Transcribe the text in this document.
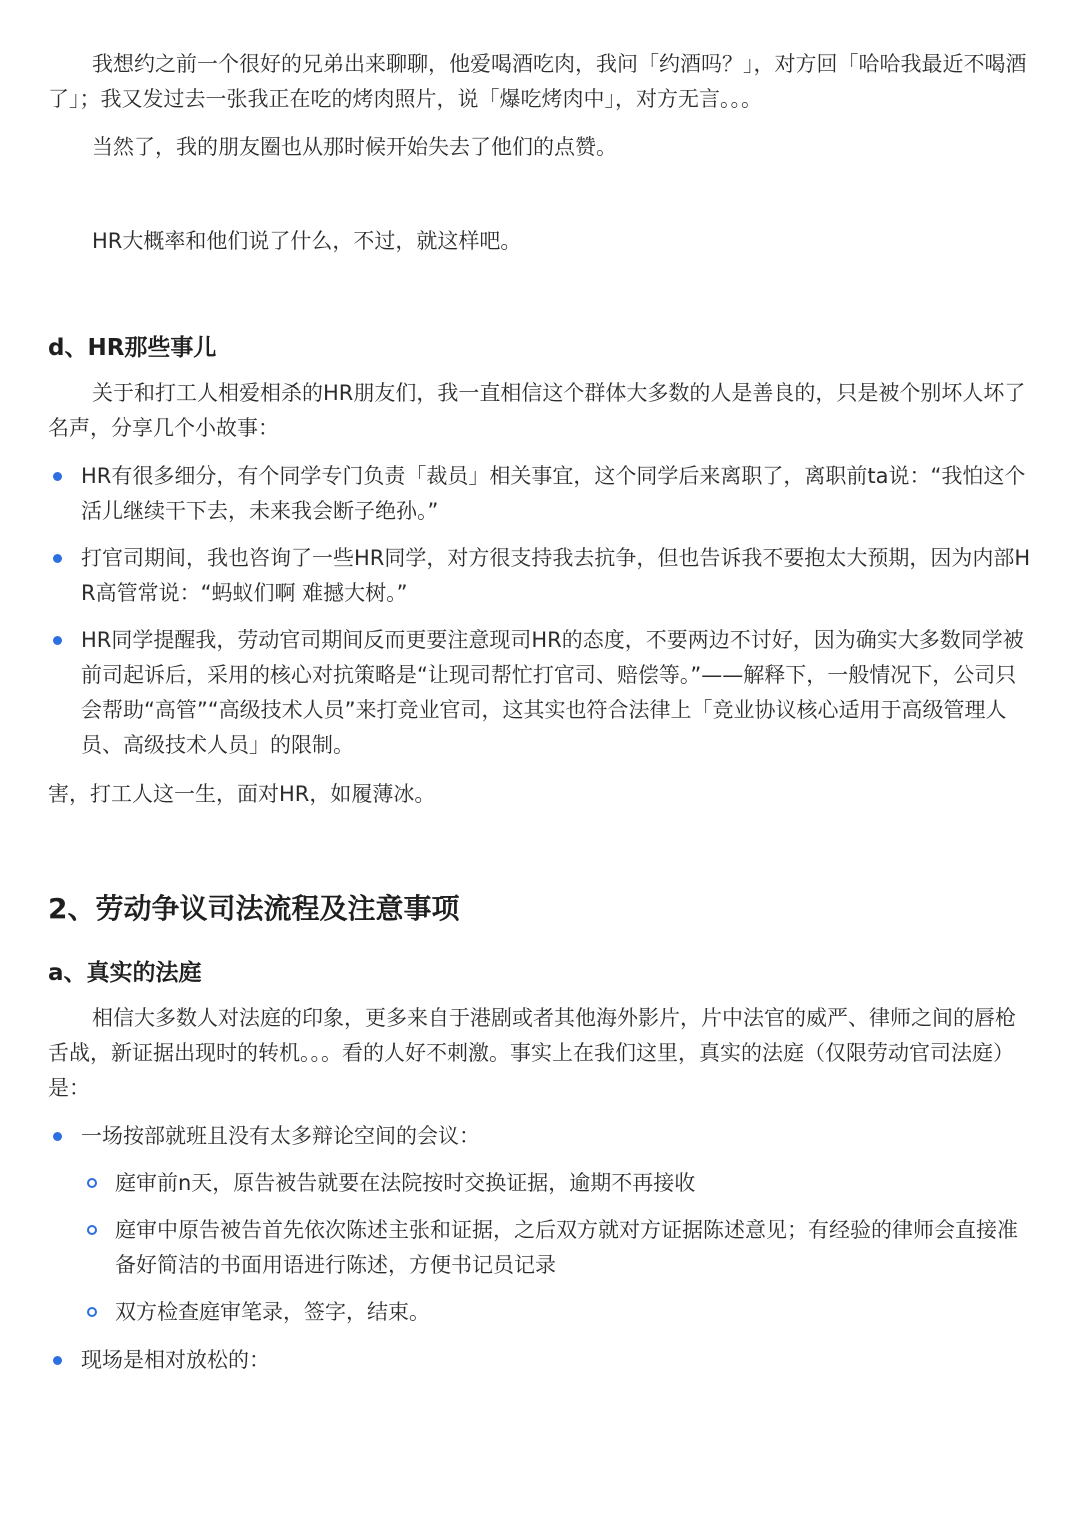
我想约之前一个很好的兄弟出来聊聊，他爱喝酒吃肉，我问「约酒吗？」，对方回「哈哈我最近不喝酒了」；我又发过去一张我正在吃的烤肉照片，说「爆吃烤肉中」，对方无言。。。

当然了，我的朋友圈也从那时候开始失去了他们的点赞。

HR大概率和他们说了什么，不过，就这样吧。

d、HR那些事儿

关于和打工人相爱相杀的HR朋友们，我一直相信这个群体大多数的人是善良的，只是被个别坏人坏了名声，分享几个小故事：

HR有很多细分，有个同学专门负责「裁员」相关事宜，这个同学后来离职了，离职前ta说：“我怕这个活儿继续干下去，未来我会断子绝孙。”
打官司期间，我也咨询了一些HR同学，对方很支持我去抗争，但也告诉我不要抱太大预期，因为内部HR高管常说：“蚂蚁们啊 难撼大树。”
HR同学提醒我，劳动官司期间反而更要注意现司HR的态度，不要两边不讨好，因为确实大多数同学被前司起诉后，采用的核心对抗策略是“让现司帮忙打官司、赔偿等。”——解释下，一般情况下，公司只会帮助“高管”“高级技术人员”来打竞业官司，这其实也符合法律上「竞业协议核心适用于高级管理人员、高级技术人员」的限制。

害，打工人这一生，面对HR，如履薄冰。

2、劳动争议司法流程及注意事项
a、真实的法庭

相信大多数人对法庭的印象，更多来自于港剧或者其他海外影片，片中法官的威严、律师之间的唇枪舌战，新证据出现时的转机。。。看的人好不刺激。事实上在我们这里，真实的法庭（仅限劳动官司法庭）是：

一场按部就班且没有太多辩论空间的会议：
庭审前n天，原告被告就要在法院按时交换证据，逾期不再接收
庭审中原告被告首先依次陈述主张和证据，之后双方就对方证据陈述意见；有经验的律师会直接准备好简洁的书面用语进行陈述，方便书记员记录
双方检查庭审笔录，签字，结束。
现场是相对放松的：
